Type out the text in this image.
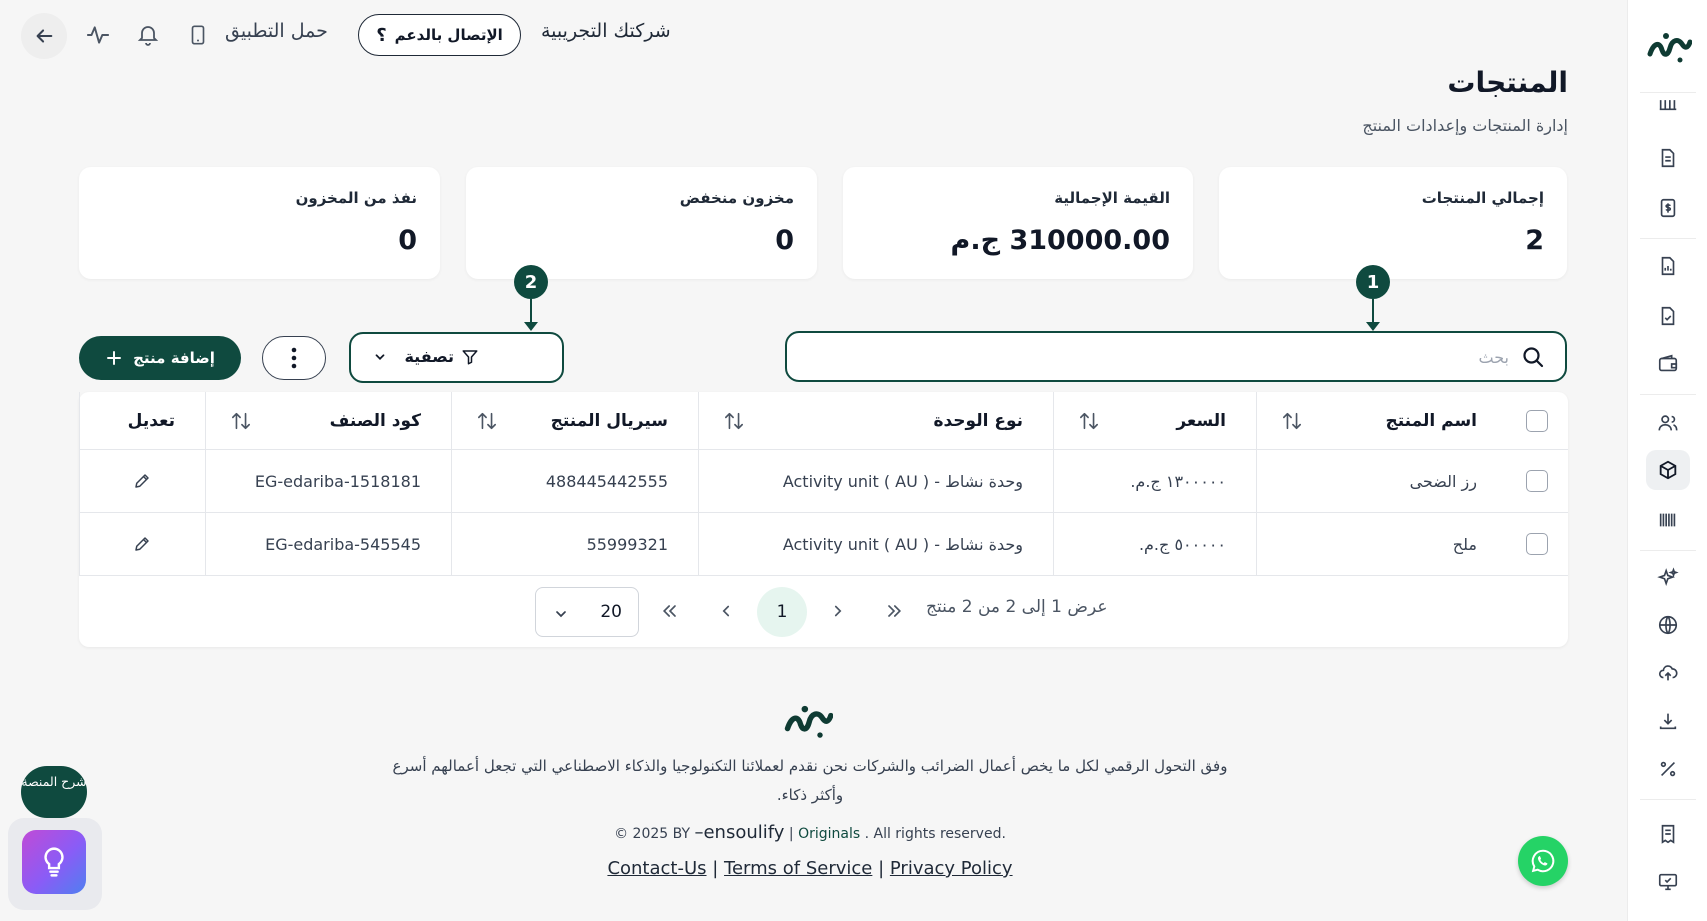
حمل التطبيق	الإتصال بالدعم
؟	شركتك التجريبية
المنتجات
إدارة المنتجات وإعدادات المنتج
إجمالي المنتجات
2
القيمة الإجمالية
310000.00 ج.م
مخزون منخفض
0
نفذ من المخزون
0
1
2
بحث
تصفية
إضافة منتج
اسم المنتج
السعر
نوع الوحدة
سيريال المنتج
كود الصنف
تعديل
رز الضحى
١٣٠٠٠٠٠ ج.م.
وحدة نشاط - ( Activity unit ( AU
488445442555
EG-edariba-1518181
ملح
٥٠٠٠٠٠ ج.م.
وحدة نشاط - ( Activity unit ( AU
55999321
EG-edariba-545545
عرض 1 إلى 2 من 2 منتج
1
20
وفق التحول الرقمي لكل ما يخص أعمال الضرائب والشركات نحن نقدم لعملائنا التكنولوجيا والذكاء الاصطناعي التي تجعل أعمالهم أسرع وأكثر ذكاء.
© 2025 BY –ensoulify | Originals . All rights reserved.
Contact-Us | Terms of Service | Privacy Policy
شرح المنصة
